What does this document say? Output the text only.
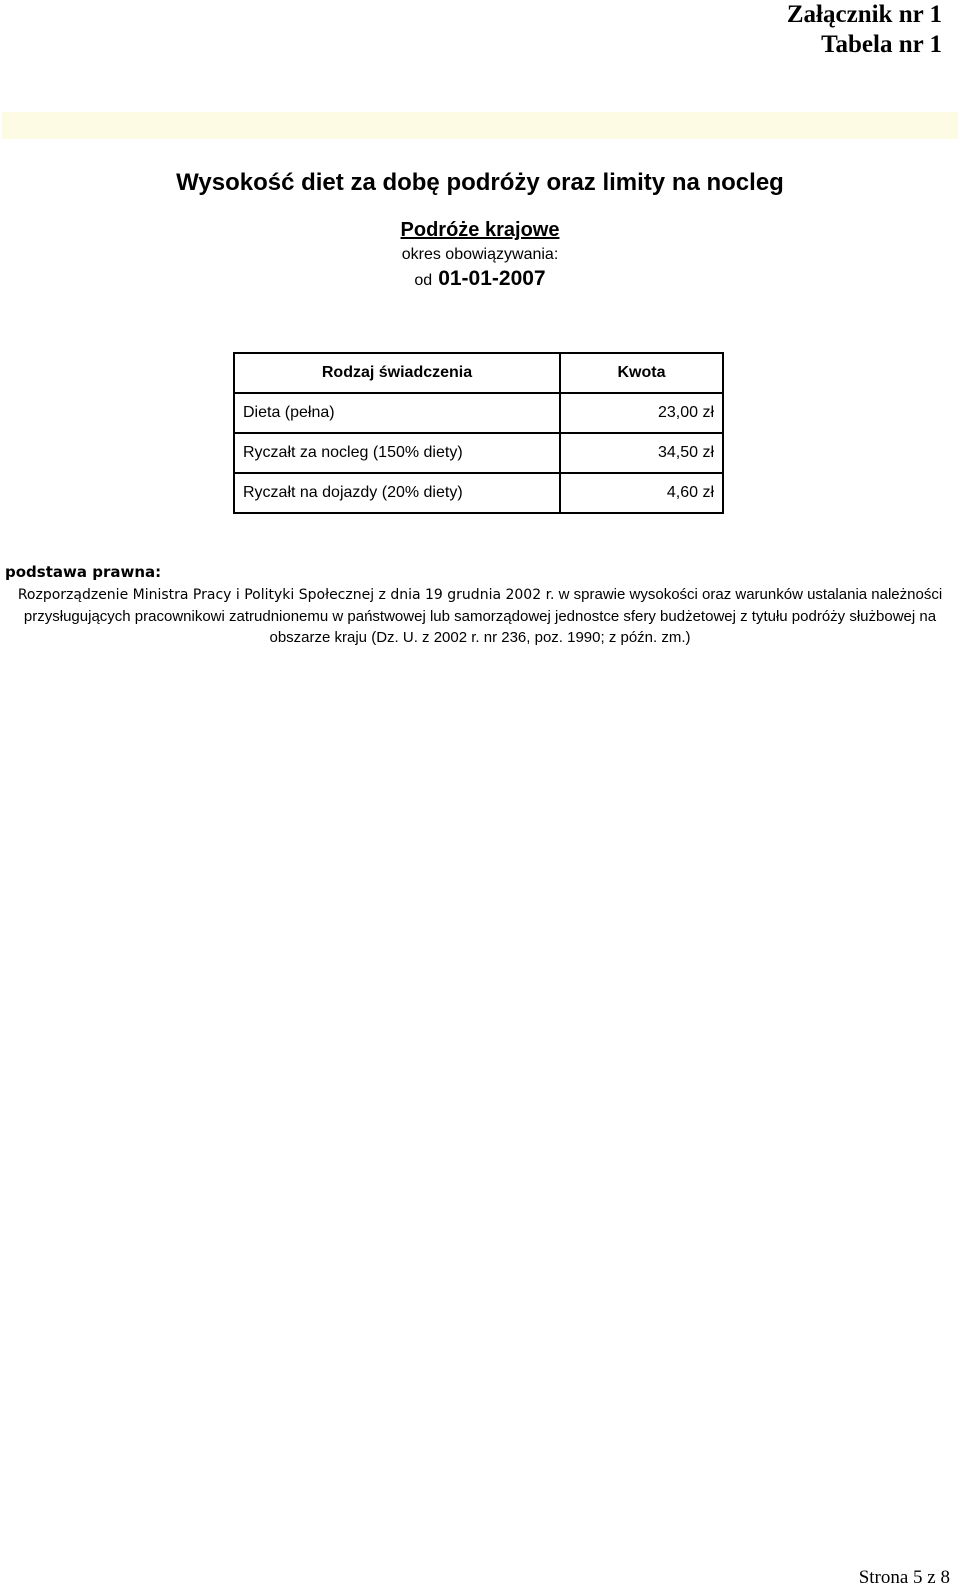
Załącznik nr 1
Tabela nr 1
Wysokość diet za dobę podróży oraz limity na nocleg
Podróże krajowe
okres obowiązywania:
od 01-01-2007
Rodzaj świadczenia	Kwota
Dieta (pełna)	23,00 zł
Ryczałt za nocleg (150% diety)	34,50 zł
Ryczałt na dojazdy (20% diety)	4,60 zł
podstawa prawna:
Rozporządzenie Ministra Pracy i Polityki Społecznej z dnia 19 grudnia 2002 r. w sprawie wysokości oraz warunków ustalania należności przysługujących pracownikowi zatrudnionemu w państwowej lub samorządowej jednostce sfery budżetowej z tytułu podróży służbowej na obszarze kraju (Dz. U. z 2002 r. nr 236, poz. 1990; z późn. zm.)
Strona 5 z 8
